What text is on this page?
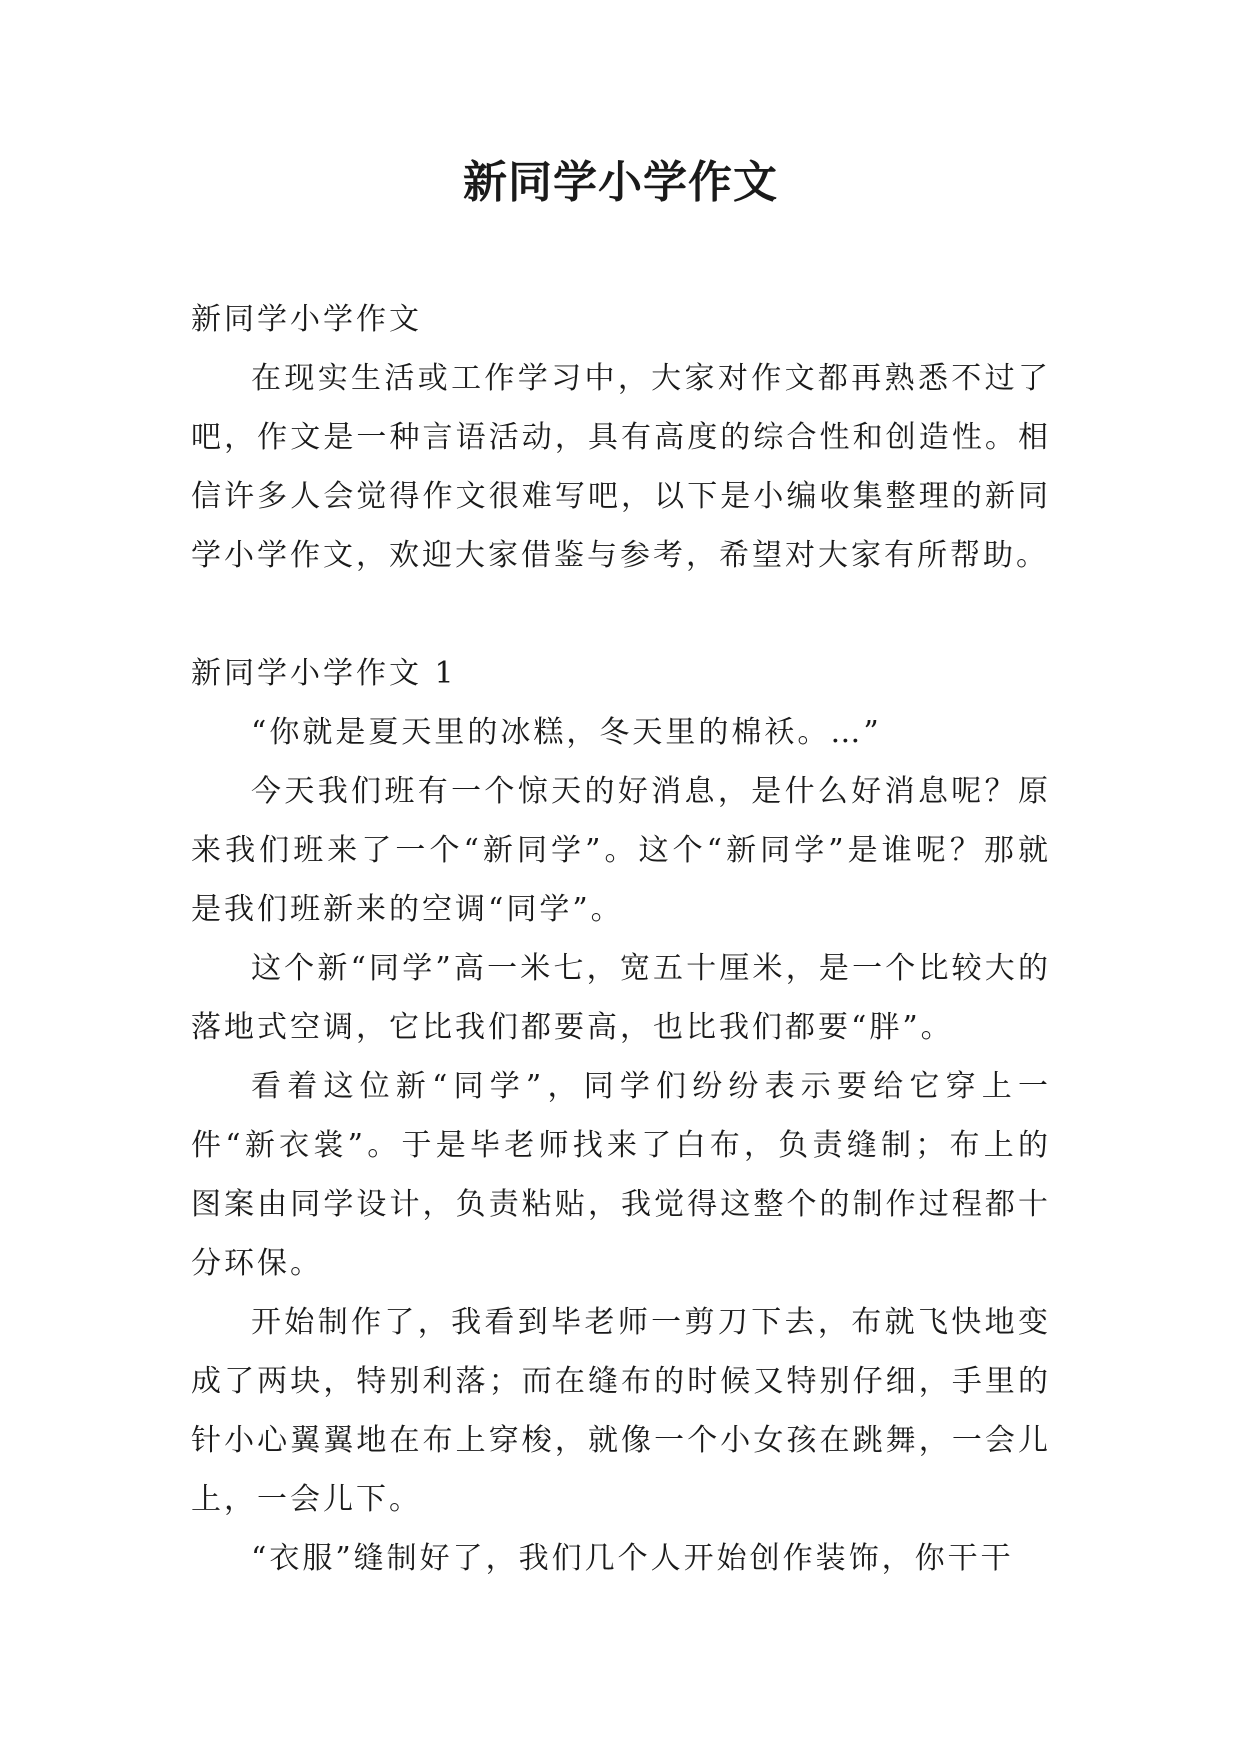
新同学小学作文

新同学小学作文

在现实生活或工作学习中，大家对作文都再熟悉不过了吧，作文是一种言语活动，具有高度的综合性和创造性。相信许多人会觉得作文很难写吧，以下是小编收集整理的新同学小学作文，欢迎大家借鉴与参考，希望对大家有所帮助。

新同学小学作文 1

“你就是夏天里的冰糕，冬天里的棉袄。…”

今天我们班有一个惊天的好消息，是什么好消息呢？原来我们班来了一个“新同学”。这个“新同学”是谁呢？那就是我们班新来的空调“同学”。

这个新“同学”高一米七，宽五十厘米，是一个比较大的落地式空调，它比我们都要高，也比我们都要“胖”。

看着这位新“同学”，同学们纷纷表示要给它穿上一件“新衣裳”。于是毕老师找来了白布，负责缝制；布上的图案由同学设计，负责粘贴，我觉得这整个的制作过程都十分环保。

开始制作了，我看到毕老师一剪刀下去，布就飞快地变成了两块，特别利落；而在缝布的时候又特别仔细，手里的针小心翼翼地在布上穿梭，就像一个小女孩在跳舞，一会儿上，一会儿下。

“衣服”缝制好了，我们几个人开始创作装饰，你干干
